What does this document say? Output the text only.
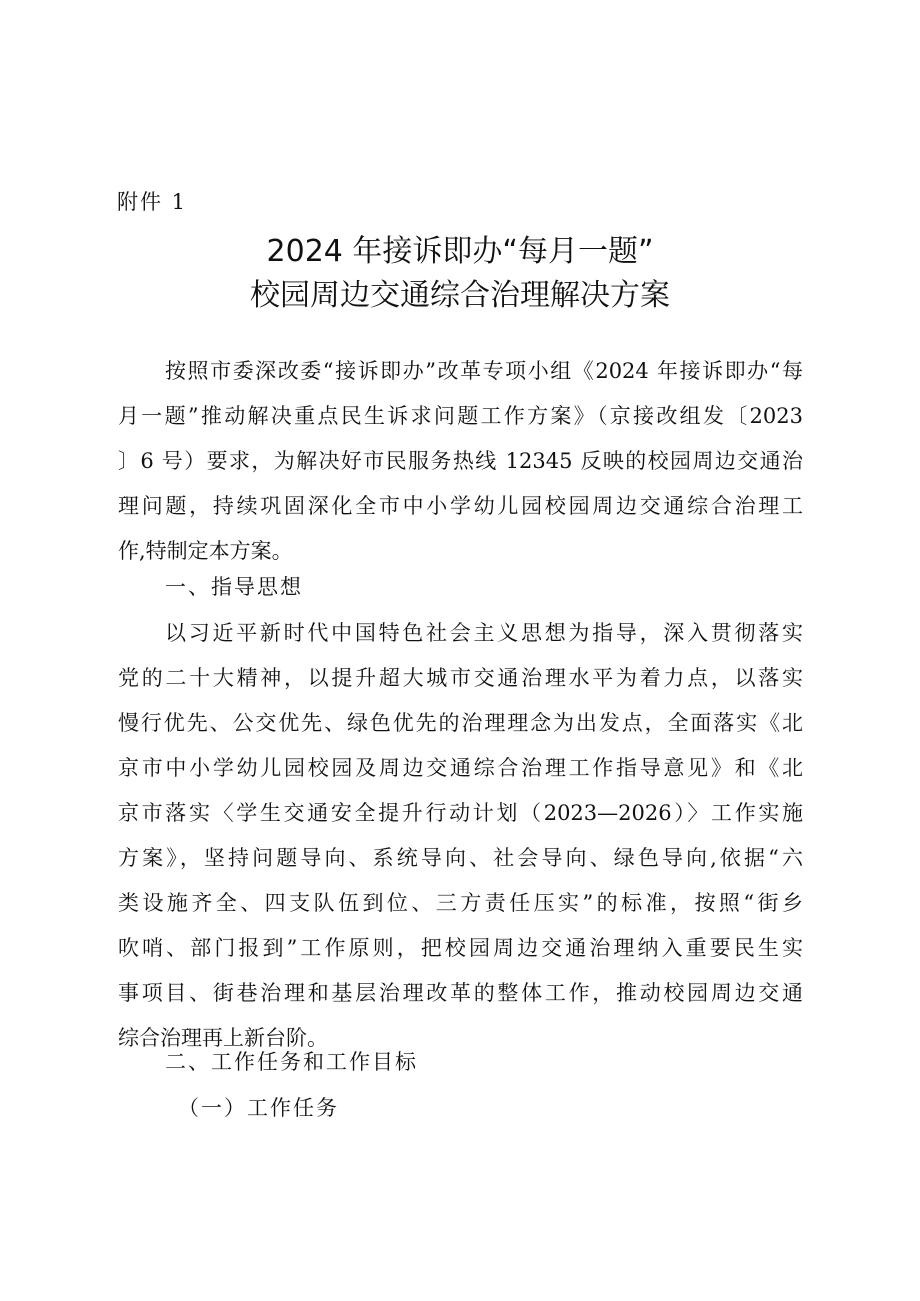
附件 1
2024 年接诉即办“每月一题”
校园周边交通综合治理解决方案
按照市委深改委“接诉即办”改革专项小组《2024 年接诉即办“每
月一题”推动解决重点民生诉求问题工作方案》（京接改组发〔2023
〕6 号）要求，为解决好市民服务热线 12345 反映的校园周边交通治
理问题，持续巩固深化全市中小学幼儿园校园周边交通综合治理工
作,特制定本方案。
一、指导思想
以习近平新时代中国特色社会主义思想为指导，深入贯彻落实
党的二十大精神，以提升超大城市交通治理水平为着力点，以落实
慢行优先、公交优先、绿色优先的治理理念为出发点，全面落实《北
京市中小学幼儿园校园及周边交通综合治理工作指导意见》和《北
京市落实〈学生交通安全提升行动计划（2023—2026）〉工作实施
方案》，坚持问题导向、系统导向、社会导向、绿色导向,依据“六
类设施齐全、四支队伍到位、三方责任压实”的标准，按照“街乡
吹哨、部门报到”工作原则，把校园周边交通治理纳入重要民生实
事项目、街巷治理和基层治理改革的整体工作，推动校园周边交通
综合治理再上新台阶。
二、工作任务和工作目标
（一）工作任务
